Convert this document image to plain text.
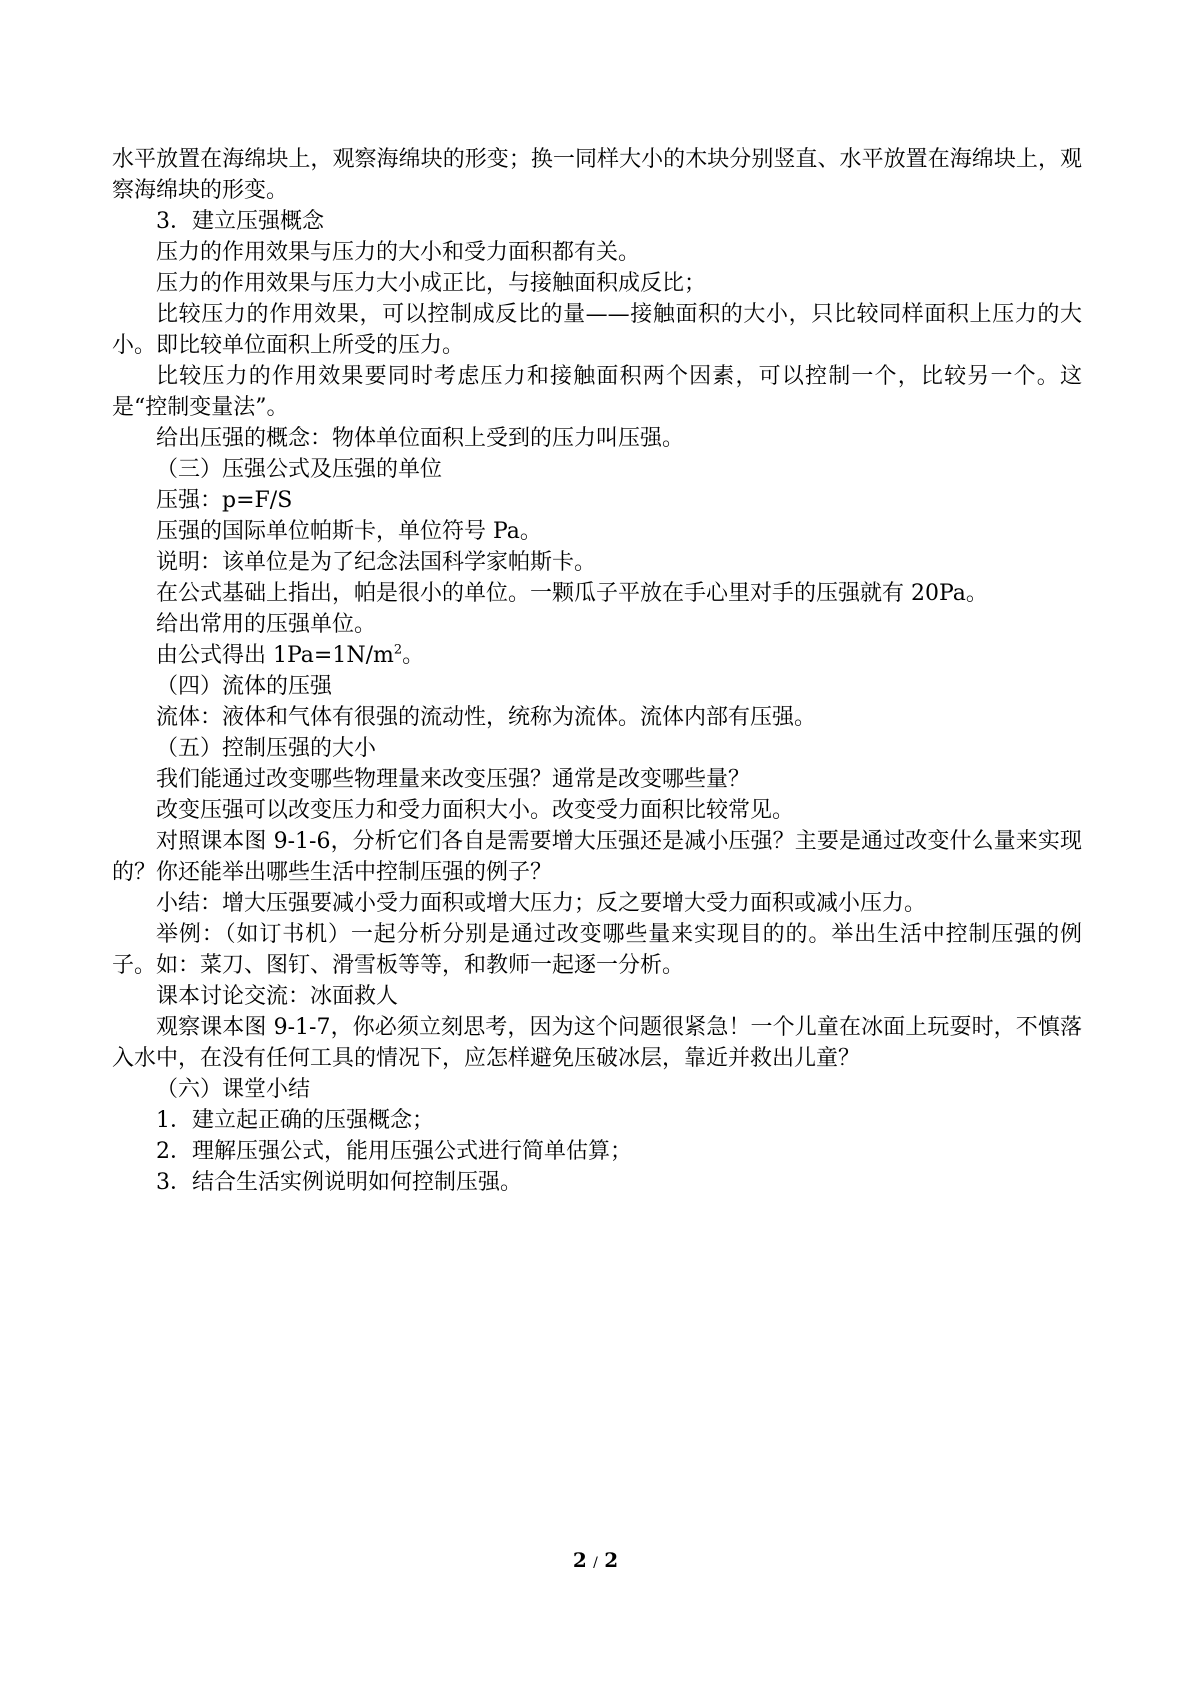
水平放置在海绵块上，观察海绵块的形变；换一同样大小的木块分别竖直、水平放置在海绵块上，观察海绵块的形变。

3．建立压强概念

压力的作用效果与压力的大小和受力面积都有关。

压力的作用效果与压力大小成正比，与接触面积成反比；

比较压力的作用效果，可以控制成反比的量——接触面积的大小，只比较同样面积上压力的大小。即比较单位面积上所受的压力。

比较压力的作用效果要同时考虑压力和接触面积两个因素，可以控制一个，比较另一个。这是“控制变量法”。

给出压强的概念：物体单位面积上受到的压力叫压强。

（三）压强公式及压强的单位

压强：p=F/S

压强的国际单位帕斯卡，单位符号 Pa。

说明：该单位是为了纪念法国科学家帕斯卡。

在公式基础上指出，帕是很小的单位。一颗瓜子平放在手心里对手的压强就有 20Pa。

给出常用的压强单位。

由公式得出 $1Pa=1N/m^2$。

（四）流体的压强

流体：液体和气体有很强的流动性，统称为流体。流体内部有压强。

（五）控制压强的大小

我们能通过改变哪些物理量来改变压强？通常是改变哪些量？

改变压强可以改变压力和受力面积大小。改变受力面积比较常见。

对照课本图 9-1-6，分析它们各自是需要增大压强还是减小压强？主要是通过改变什么量来实现的？你还能举出哪些生活中控制压强的例子？

小结：增大压强要减小受力面积或增大压力；反之要增大受力面积或减小压力。

举例：（如订书机）一起分析分别是通过改变哪些量来实现目的的。举出生活中控制压强的例子。如：菜刀、图钉、滑雪板等等，和教师一起逐一分析。

课本讨论交流：冰面救人

观察课本图 9-1-7，你必须立刻思考，因为这个问题很紧急！一个儿童在冰面上玩耍时，不慎落入水中，在没有任何工具的情况下，应怎样避免压破冰层，靠近并救出儿童？

（六）课堂小结

1．建立起正确的压强概念；

2．理解压强公式，能用压强公式进行简单估算；

3．结合生活实例说明如何控制压强。

2 / 2
